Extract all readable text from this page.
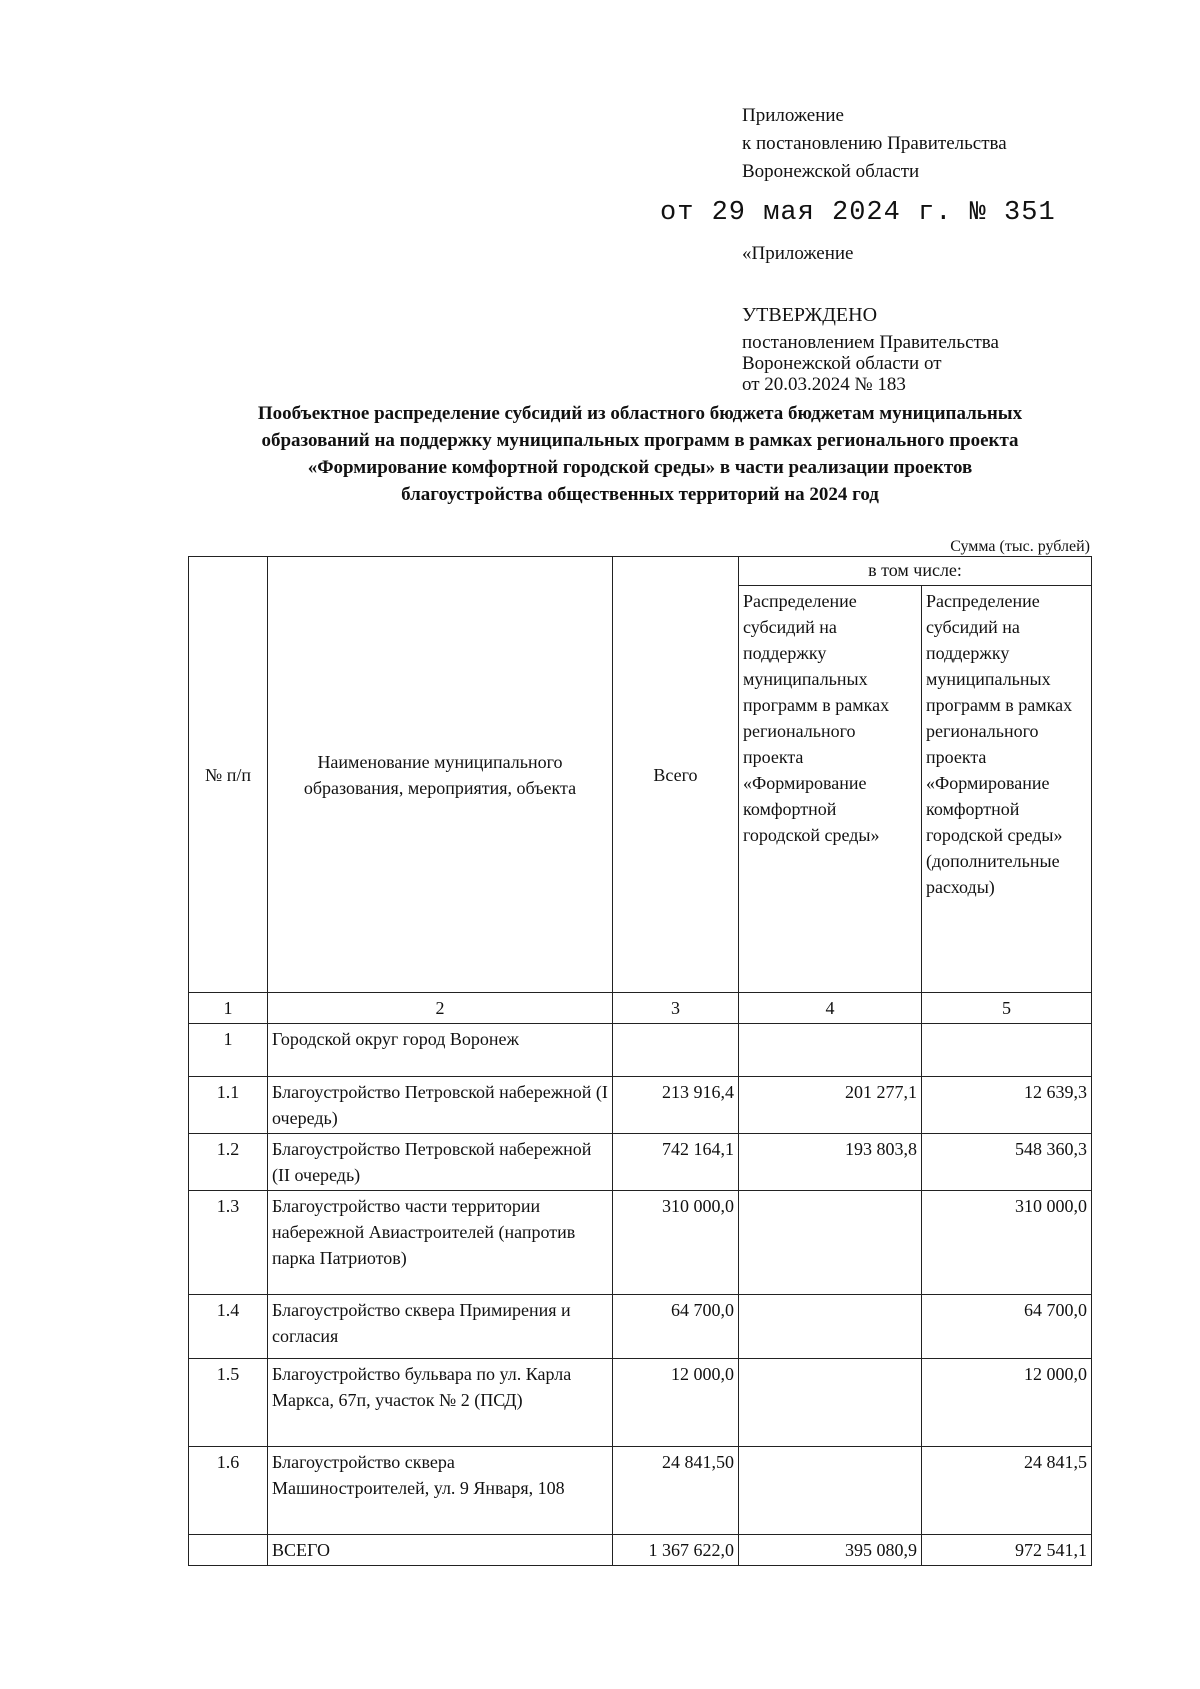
Приложение
к постановлению Правительства
Воронежской области
от 29 мая 2024 г. № 351
«Приложение
УТВЕРЖДЕНО
постановлением Правительства
Воронежской области от
от 20.03.2024 № 183
Пообъектное распределение субсидий из областного бюджета бюджетам муниципальных
образований на поддержку муниципальных программ в рамках регионального проекта
«Формирование комфортной городской среды» в части реализации проектов
благоустройства общественных территорий на 2024 год
Сумма (тыс. рублей)
№ п/п	Наименование муниципального образования, мероприятия, объекта	Всего	в том числе:	
			Распределение субсидий на поддержку муниципальных программ в рамках регионального проекта «Формирование комфортной городской среды»	Распределение субсидий на поддержку муниципальных программ в рамках регионального проекта «Формирование комфортной городской среды» (дополнительные расходы)
1	2	3	4	5
1	Городской округ город Воронеж			
1.1	Благоустройство Петровской набережной (I очередь)	213 916,4	201 277,1	12 639,3
1.2	Благоустройство Петровской набережной (II очередь)	742 164,1	193 803,8	548 360,3
1.3	Благоустройство части территории набережной Авиастроителей (напротив парка Патриотов)	310 000,0		310 000,0
1.4	Благоустройство сквера Примирения и согласия	64 700,0		64 700,0
1.5	Благоустройство бульвара по ул. Карла Маркса, 67п, участок № 2 (ПСД)	12 000,0		12 000,0
1.6	Благоустройство сквера Машиностроителей, ул. 9 Января, 108	24 841,50		24 841,5
	ВСЕГО	1 367 622,0	395 080,9	972 541,1
